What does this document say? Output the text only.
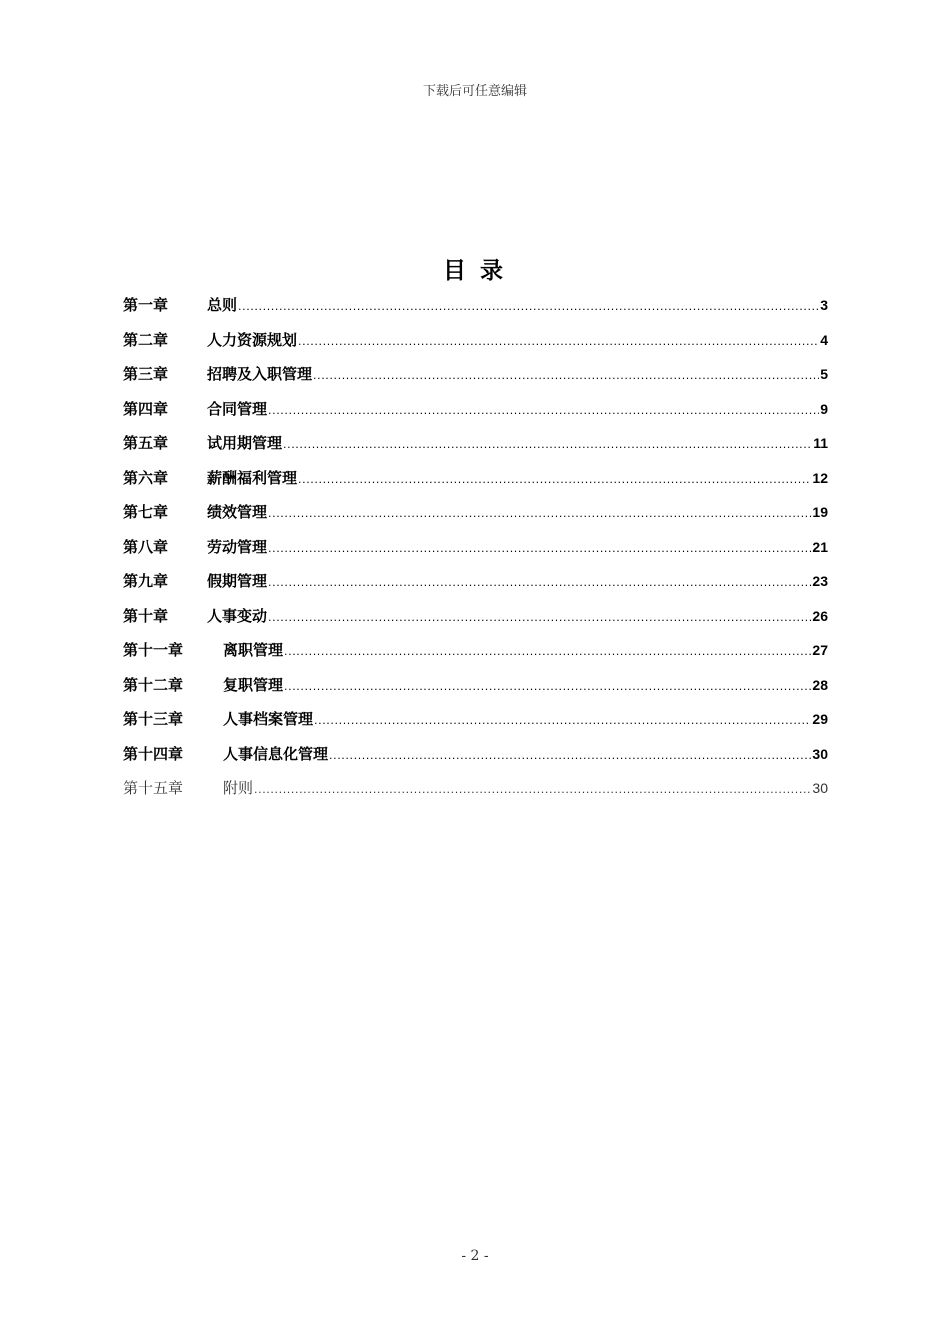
下载后可任意编辑
目 录
第一章	总则 .....	3
第二章	人力资源规划 .....	4
第三章	招聘及入职管理 .....	5
第四章	合同管理 .....	9
第五章	试用期管理 .....	11
第六章	薪酬福利管理 .....	12
第七章	绩效管理 .....	19
第八章	劳动管理 .....	21
第九章	假期管理 .....	23
第十章	人事变动 .....	26
第十一章	离职管理 .....	27
第十二章	复职管理 .....	28
第十三章	人事档案管理 .....	29
第十四章	人事信息化管理 .....	30
第十五章	附则 .....	30
- 2 -
